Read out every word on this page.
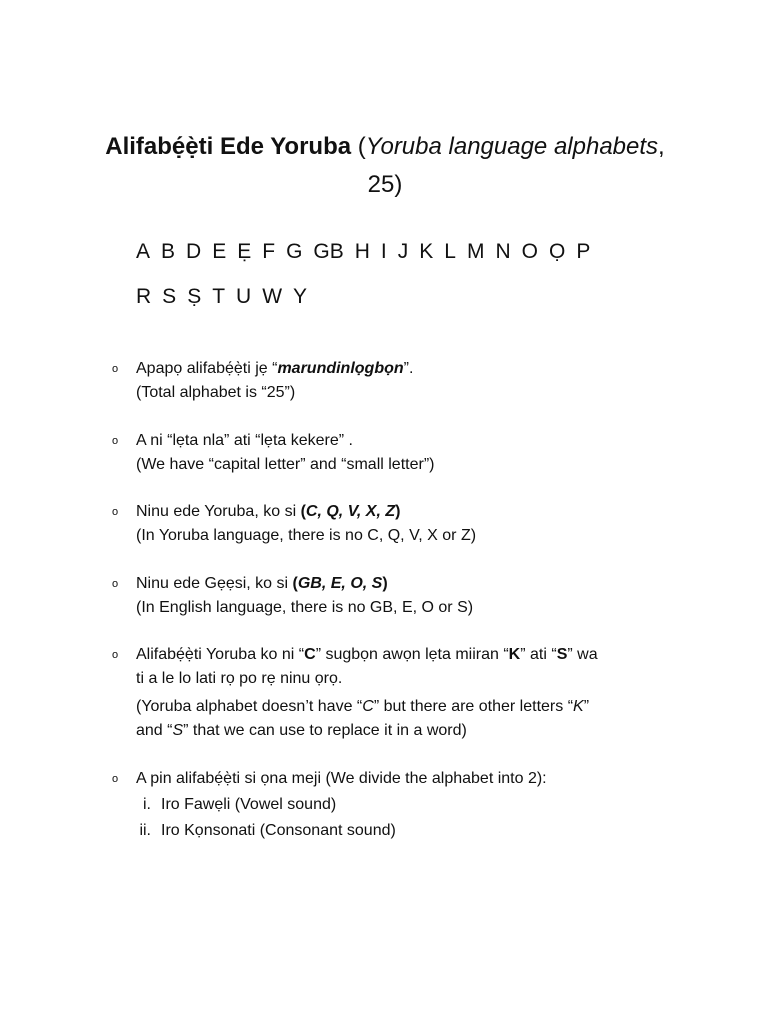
Alifabẹ́ẹ̀ti Ede Yoruba (Yoruba language alphabets, 25)
A B D E Ẹ F G GB H I J K L M N O Ọ P
R S Ṣ T U W Y
o Apapọ alifabẹ́ẹ̀ti jẹ “marundinlọgbọn”.
(Total alphabet is “25”)
o A ni “lẹta nla” ati “lẹta kekere” .
(We have “capital letter” and “small letter”)
o Ninu ede Yoruba, ko si (C, Q, V, X, Z)
(In Yoruba language, there is no C, Q, V, X or Z)
o Ninu ede Gẹẹsi, ko si (GB, E, O, S)
(In English language, there is no GB, E, O or S)
o Alifabẹ́ẹ̀ti Yoruba ko ni “C” sugbọn awọn lẹta miiran “K” ati “S” wa
ti a le lo lati rọ po rẹ ninu ọrọ.
(Yoruba alphabet doesn’t have “C” but there are other letters “K”
and “S” that we can use to replace it in a word)
o A pin alifabẹ́ẹ̀ti si ọna meji (We divide the alphabet into 2):
i. Iro Fawẹli (Vowel sound)
ii. Iro Kọnsonati (Consonant sound)
